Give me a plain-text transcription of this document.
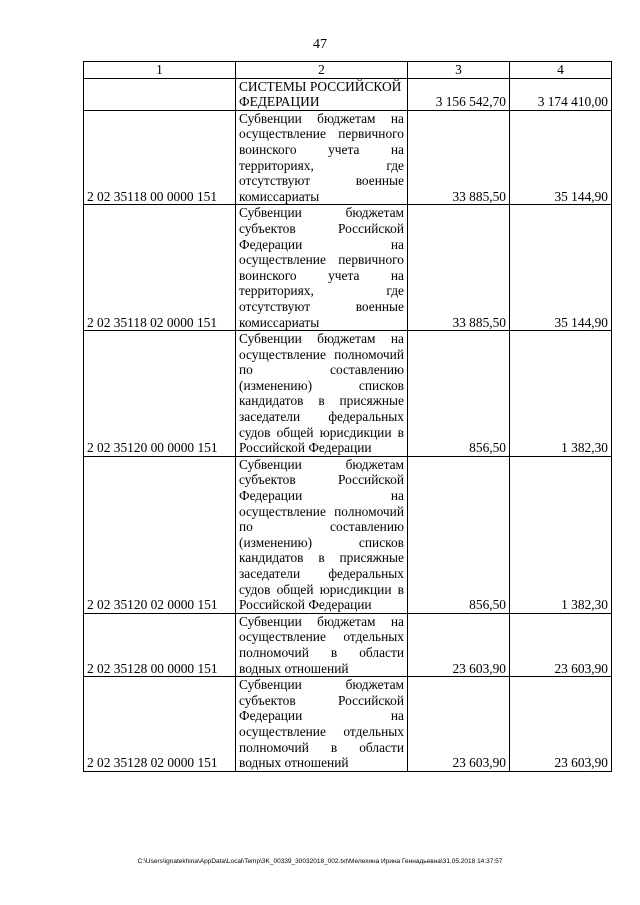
47
1	2	3	4
	СИСТЕМЫ РОССИЙСКОЙ ФЕДЕРАЦИИ	3 156 542,70	3 174 410,00
2 02 35118 00 0000 151	Субвенции бюджетам на осуществление первичного воинского учета на территориях, где отсутствуют военные комиссариаты	33 885,50	35 144,90
2 02 35118 02 0000 151	Субвенции бюджетам субъектов Российской Федерации на осуществление первичного воинского учета на территориях, где отсутствуют военные комиссариаты	33 885,50	35 144,90
2 02 35120 00 0000 151	Субвенции бюджетам на осуществление полномочий по составлению (изменению) списков кандидатов в присяжные заседатели федеральных судов общей юрисдикции в Российской Федерации	856,50	1 382,30
2 02 35120 02 0000 151	Субвенции бюджетам субъектов Российской Федерации на осуществление полномочий по составлению (изменению) списков кандидатов в присяжные заседатели федеральных судов общей юрисдикции в Российской Федерации	856,50	1 382,30
2 02 35128 00 0000 151	Субвенции бюджетам на осуществление отдельных полномочий в области водных отношений	23 603,90	23 603,90
2 02 35128 02 0000 151	Субвенции бюджетам субъектов Российской Федерации на осуществление отдельных полномочий в области водных отношений	23 603,90	23 603,90
C:\Users\ignatekhina\AppData\Local\Temp\3K_00339_30032018_002.txt\Мелехина Ирина Геннадьевна\31.05.2018 14:37:57
